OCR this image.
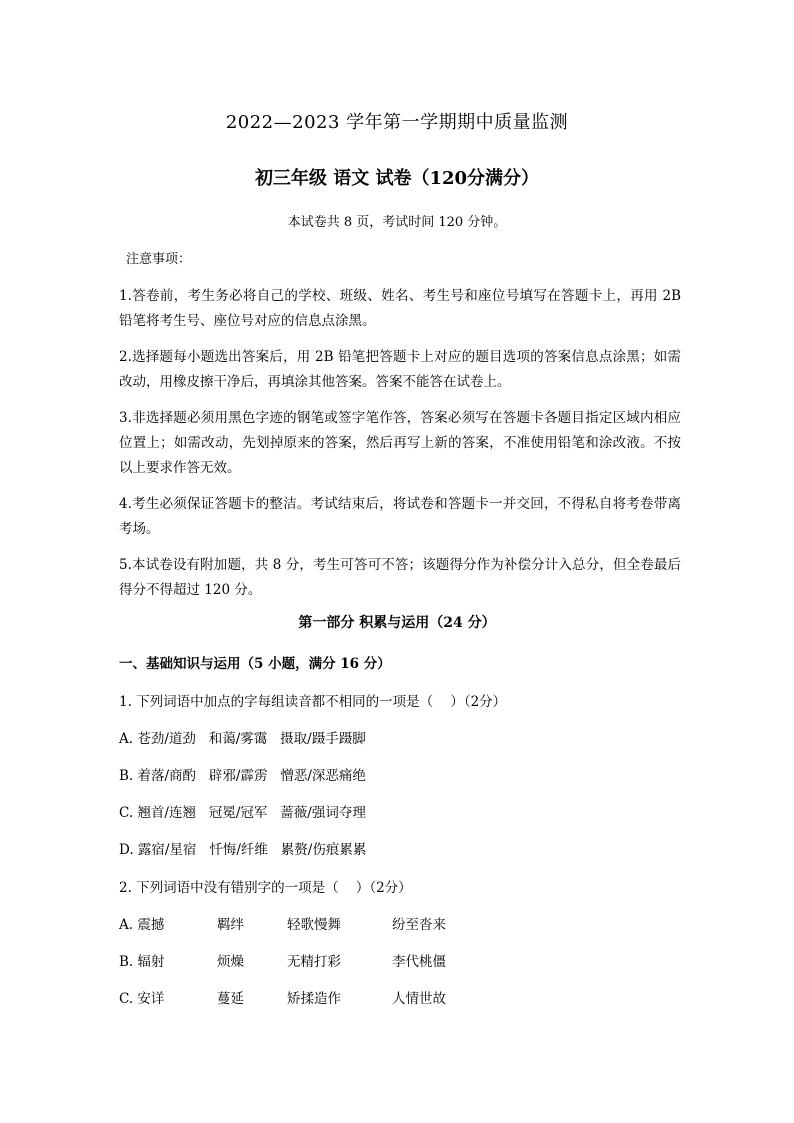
2022—2023 学年第一学期期中质量监测
初三年级 语文 试卷（120分满分）
本试卷共 8 页，考试时间 120 分钟。
注意事项：

1.答卷前，考生务必将自己的学校、班级、姓名、考生号和座位号填写在答题卡上，再用 2B 铅笔将考生号、座位号对应的信息点涂黑。

2.选择题每小题选出答案后，用 2B 铅笔把答题卡上对应的题目选项的答案信息点涂黑；如需改动，用橡皮擦干净后，再填涂其他答案。答案不能答在试卷上。

3.非选择题必须用黑色字迹的钢笔或签字笔作答，答案必须写在答题卡各题目指定区域内相应位置上；如需改动，先划掉原来的答案，然后再写上新的答案，不准使用铅笔和涂改液。不按以上要求作答无效。

4.考生必须保证答题卡的整洁。考试结束后，将试卷和答题卡一并交回，不得私自将考卷带离考场。

5.本试卷设有附加题，共 8 分，考生可答可不答；该题得分作为补偿分计入总分，但全卷最后得分不得超过 120 分。

第一部分 积累与运用（24 分）
一、基础知识与运用（5 小题，满分 16 分）
1. 下列词语中加点的字每组读音都不相同的一项是（    ）（2分）
A. 苍劲/道劲   和蔼/雾霭   摄取/蹑手蹑脚
B. 着落/商酌   辟邪/霹雳   憎恶/深恶痛绝
C. 翘首/连翘   冠冕/冠军   蔷薇/强词夺理
D. 露宿/星宿   忏悔/纤维   累赘/伤痕累累
2. 下列词语中没有错别字的一项是（    ）（2分）
A. 震撼	羁绊	轻歌慢舞	纷至沓来
B. 辐射	烦燥	无精打彩	李代桃僵
C. 安详	蔓延	矫揉造作	人情世故
